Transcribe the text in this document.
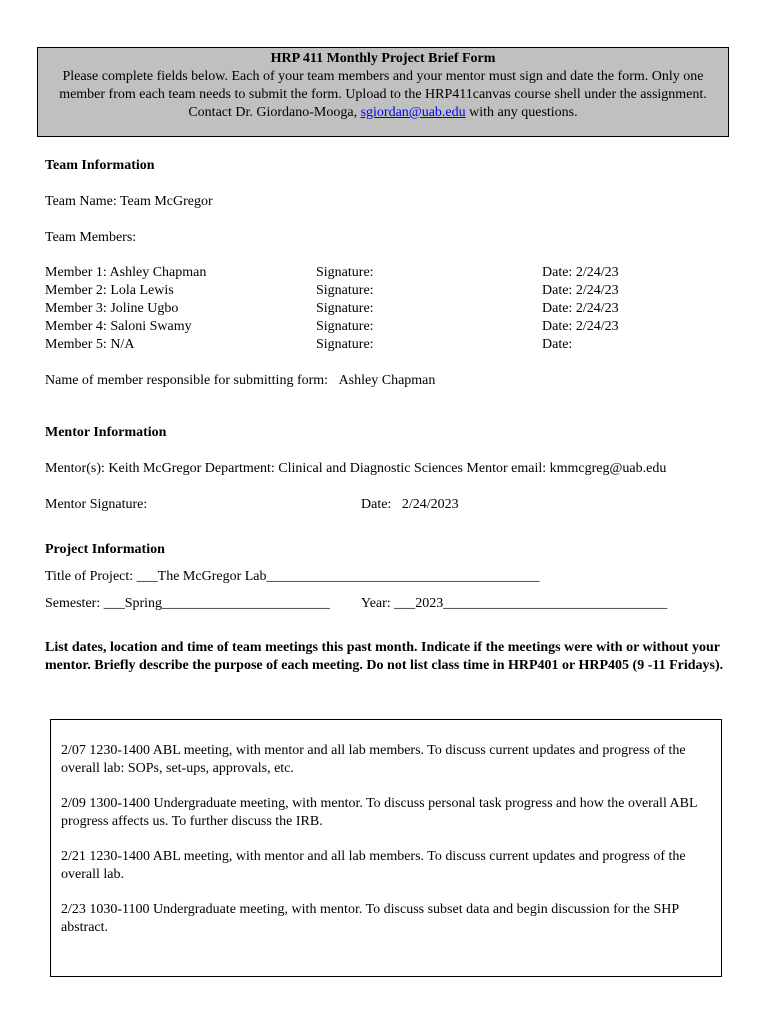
HRP 411 Monthly Project Brief Form
Please complete fields below. Each of your team members and your mentor must sign and date the form. Only one member from each team needs to submit the form. Upload to the HRP411canvas course shell under the assignment. Contact Dr. Giordano-Mooga, sgiordan@uab.edu with any questions.
Team Information
Team Name: Team McGregor
Team Members:
Member 1: Ashley Chapman	Signature:	Date: 2/24/23
Member 2: Lola Lewis	Signature:	Date: 2/24/23
Member 3: Joline Ugbo	Signature:	Date: 2/24/23
Member 4: Saloni Swamy	Signature:	Date: 2/24/23
Member 5: N/A	Signature:	Date:
Name of member responsible for submitting form: Ashley Chapman
Mentor Information
Mentor(s): Keith McGregor Department: Clinical and Diagnostic Sciences Mentor email: kmmcgreg@uab.edu
Mentor Signature:	Date: 2/24/2023
Project Information
Title of Project: ___The McGregor Lab_______________________________________
Semester: ___Spring________________________ Year: ___2023________________________________
List dates, location and time of team meetings this past month. Indicate if the meetings were with or without your mentor. Briefly describe the purpose of each meeting. Do not list class time in HRP401 or HRP405 (9 -11 Fridays).

2/07 1230-1400 ABL meeting, with mentor and all lab members. To discuss current updates and progress of the overall lab: SOPs, set-ups, approvals, etc.

2/09 1300-1400 Undergraduate meeting, with mentor. To discuss personal task progress and how the overall ABL progress affects us. To further discuss the IRB.

2/21 1230-1400 ABL meeting, with mentor and all lab members. To discuss current updates and progress of the overall lab.

2/23 1030-1100 Undergraduate meeting, with mentor. To discuss subset data and begin discussion for the SHP abstract.
